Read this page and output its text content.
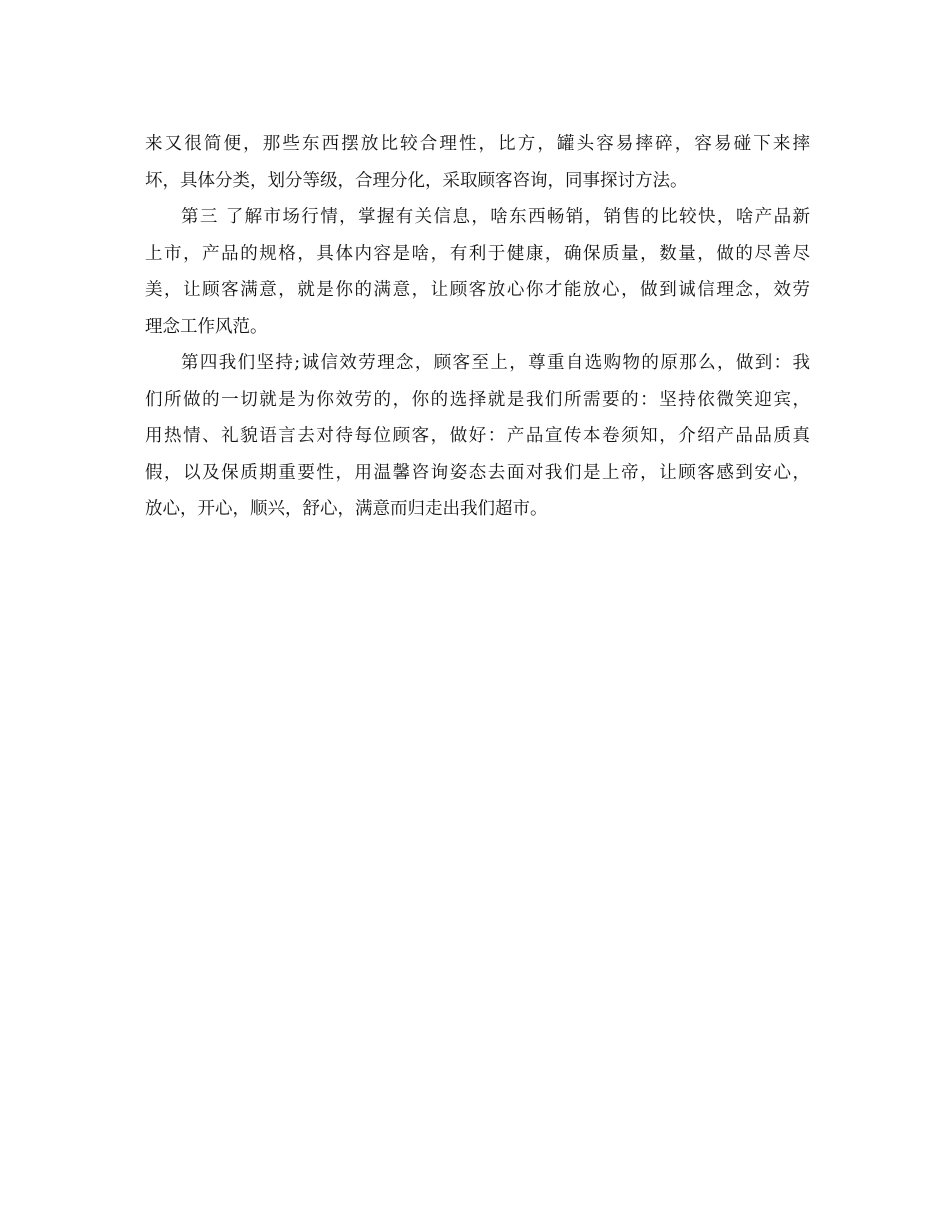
来又很简便，那些东西摆放比较合理性，比方，罐头容易摔碎，容易碰下来摔
坏，具体分类，划分等级，合理分化，采取顾客咨询，同事探讨方法。
第三 了解市场行情，掌握有关信息，啥东西畅销，销售的比较快，啥产品新
上市，产品的规格，具体内容是啥，有利于健康，确保质量，数量，做的尽善尽
美，让顾客满意，就是你的满意，让顾客放心你才能放心，做到诚信理念，效劳
理念工作风范。
第四我们坚持;诚信效劳理念，顾客至上，尊重自选购物的原那么，做到：我
们所做的一切就是为你效劳的，你的选择就是我们所需要的：坚持依微笑迎宾，
用热情、礼貌语言去对待每位顾客，做好：产品宣传本卷须知，介绍产品品质真
假，以及保质期重要性，用温馨咨询姿态去面对我们是上帝，让顾客感到安心，
放心，开心，顺兴，舒心，满意而归走出我们超市。
